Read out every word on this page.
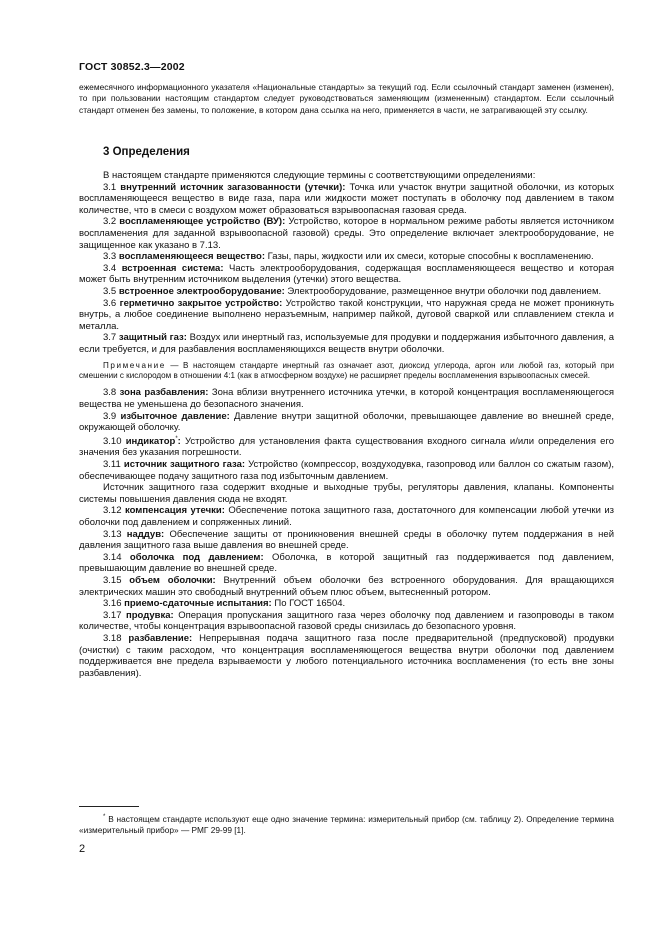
ГОСТ 30852.3—2002
ежемесячного информационного указателя «Национальные стандарты» за текущий год. Если ссылочный стандарт заменен (изменен), то при пользовании настоящим стандартом следует руководствоваться заменяющим (измененным) стандартом. Если ссылочный стандарт отменен без замены, то положение, в котором дана ссылка на него, применяется в части, не затрагивающей эту ссылку.
3 Определения

В настоящем стандарте применяются следующие термины с соответствующими определениями:

3.1 внутренний источник загазованности (утечки): Точка или участок внутри защитной оболочки, из которых воспламеняющееся вещество в виде газа, пара или жидкости может поступать в оболочку под давлением в таком количестве, что в смеси с воздухом может образоваться взрывоопасная газовая среда.

3.2 воспламеняющее устройство (ВУ): Устройство, которое в нормальном режиме работы является источником воспламенения для заданной взрывоопасной газовой) среды. Это определение включает электрооборудование, не защищенное как указано в 7.13.

3.3 воспламеняющееся вещество: Газы, пары, жидкости или их смеси, которые способны к воспламенению.

3.4 встроенная система: Часть электрооборудования, содержащая воспламеняющееся вещество и которая может быть внутренним источником выделения (утечки) этого вещества.

3.5 встроенное электрооборудование: Электрооборудование, размещенное внутри оболочки под давлением.

3.6 герметично закрытое устройство: Устройство такой конструкции, что наружная среда не может проникнуть внутрь, а любое соединение выполнено неразъемным, например пайкой, дуговой сваркой или сплавлением стекла и металла.

3.7 защитный газ: Воздух или инертный газ, используемые для продувки и поддержания избыточного давления, а если требуется, и для разбавления воспламеняющихся веществ внутри оболочки.

Примечание — В настоящем стандарте инертный газ означает азот, диоксид углерода, аргон или любой газ, который при смешении с кислородом в отношении 4:1 (как в атмосферном воздухе) не расширяет пределы воспламенения взрывоопасных смесей.

3.8 зона разбавления: Зона вблизи внутреннего источника утечки, в которой концентрация воспламеняющегося вещества не уменьшена до безопасного значения.

3.9 избыточное давление: Давление внутри защитной оболочки, превышающее давление во внешней среде, окружающей оболочку.

3.10 индикатор*: Устройство для установления факта существования входного сигнала и/или определения его значения без указания погрешности.

3.11 источник защитного газа: Устройство (компрессор, воздуходувка, газопровод или баллон со сжатым газом), обеспечивающее подачу защитного газа под избыточным давлением.

Источник защитного газа содержит входные и выходные трубы, регуляторы давления, клапаны. Компоненты системы повышения давления сюда не входят.

3.12 компенсация утечки: Обеспечение потока защитного газа, достаточного для компенсации любой утечки из оболочки под давлением и сопряженных линий.

3.13 наддув: Обеспечение защиты от проникновения внешней среды в оболочку путем поддержания в ней давления защитного газа выше давления во внешней среде.

3.14 оболочка под давлением: Оболочка, в которой защитный газ поддерживается под давлением, превышающим давление во внешней среде.

3.15 объем оболочки: Внутренний объем оболочки без встроенного оборудования. Для вращающихся электрических машин это свободный внутренний объем плюс объем, вытесненный ротором.

3.16 приемо-сдаточные испытания: По ГОСТ 16504.

3.17 продувка: Операция пропускания защитного газа через оболочку под давлением и газопроводы в таком количестве, чтобы концентрация взрывоопасной газовой среды снизилась до безопасного уровня.

3.18 разбавление: Непрерывная подача защитного газа после предварительной (предпусковой) продувки (очистки) с таким расходом, что концентрация воспламеняющегося вещества внутри оболочки под давлением поддерживается вне предела взрываемости у любого потенциального источника воспламенения (то есть вне зоны разбавления).

* В настоящем стандарте используют еще одно значение термина: измерительный прибор (см. таблицу 2). Определение термина «измерительный прибор» — РМГ 29-99 [1].
2
